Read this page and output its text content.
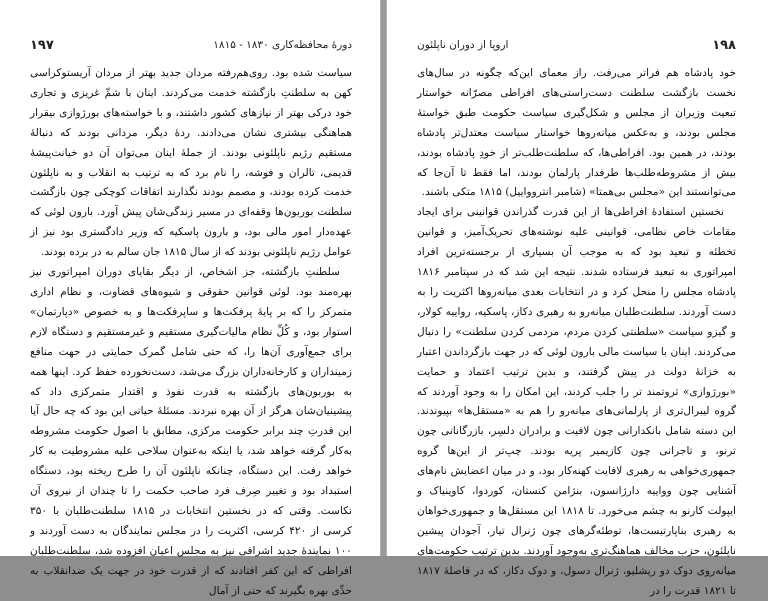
دورهٔ محافظه‌کاری ۱۸۳۰ - ۱۸۱۵
۱۹۷

سیاست شده بود. روی‌هم‌رفته مردان جدید بهتر از مردان آریستوکراسی کهن به سلطنتِ بازگشته خدمت می‌کردند. اینان با شمِّ غریزی و تجاری خود درکی بهتر از نیازهای کشور داشتند، و با خواسته‌های بورژوازی بیقرار هماهنگی بیشتری نشان می‌دادند. ردهٔ دیگر، مردانی بودند که دنبالهٔ مستقیم رژیم ناپلئونی بودند. از جملهٔ اینان می‌توان آن دو خیانت‌پیشهٔ قدیمی، تالران و فوشه، را نام برد که به ترتیب به انقلاب و به ناپلئون خدمت کرده بودند، و مصمم بودند نگذارند اتفاقات کوچکی چون بازگشت سلطنت بوربون‌ها وقفه‌ای در مسیر زندگی‌شان پیش آورد. بارون لوئی که عهده‌دار امور مالی بود، و بارون پاسکیه که وزیر دادگستری بود نیز از عوامل رژیم ناپلئونی بودند که از سال ۱۸۱۵ جان سالم به در برده بودند.

سلطنتِ بازگشته، جز اشخاص، از دیگر بقایای دوران امپراتوری نیز بهره‌مند بود. لوئی قوانین حقوقی و شیوه‌های قضاوت، و نظام اداری متمرکز را که بر پایهٔ پرفکت‌ها و ساپرفکت‌ها و به خصوص «دپارتمان» استوار بود، و کُلِّ نظام مالیات‌گیری مستقیم و غیرمستقیم و دستگاه لازم برای جمع‌آوری آن‌ها را، که حتی شامل گمرک حمایتی در جهت منافع زمینداران و کارخانه‌داران بزرگ می‌شد، دست‌نخورده حفظ کرد. اینها همه به بوربون‌های بازگشته به قدرت نفوذ و اقتدار متمرکزی داد که پیشینیان‌شان هرگز از آن بهره نبردند. مسئلهٔ حیاتی این بود که چه حال آیا این قدرتِ چند برابر حکومت مرکزی، مطابق با اصول حکومت مشروطه به‌کار گرفته خواهد شد، یا اینکه به‌عنوان سلاحی علیه مشروطیت به کار خواهد رفت. این دستگاه، چنانکه ناپلئون آن را طرح ریخته بود، دستگاه استبداد بود و تغییر صِرف فرد صاحب حکمت را تا چندان از نیروی آن نکاست. وقتی که در نخستین انتخابات در ۱۸۱۵ سلطنت‌طلبان با ۳۵۰ کرسی از ۴۲۰ کرسی، اکثریت را در مجلس نمایندگان به دست آوردند و ۱۰۰ نمایندهٔ جدید اشرافی نیز به مجلس اعیان افزوده شد، سلطنت‌طلبان افراطی که این کفر افتادند که از قدرت خود در جهت یک ضدانقلاب به حدِّی بهره بگیرند که حتی از آمال

۱۹۸
اروپا از دوران ناپلئون

خود پادشاه هم فراتر می‌رفت. راز معمای این‌که چگونه در سال‌های نخست بازگشت سلطنت دست‌راستی‌های افراطی مصرّانه خواستار تبعیت وزیران از مجلس و شکل‌گیری سیاست حکومت طبق خواستهٔ مجلس بودند، و به‌عکس میانه‌روها خواستار سیاست معتدل‌تر پادشاه بودند، در همین بود. افراطی‌ها، که سلطنت‌طلب‌تر از خودِ پادشاه بودند، بیش از مشروطه‌طلب‌ها طرفدار پارلمان بودند، اما فقط تا آن‌جا که می‌توانستند این «مجلس بی‌همتا» (شامبر انتروواییل) ۱۸۱۵ متکی باشند.

نخستین استفادهٔ افراطی‌ها از این قدرت گذراندن قوانینی برای ایجاد مقامات خاص نظامی، قوانینی علیه نوشته‌های تحریک‌آمیز، و قوانین تخطئه و تبعید بود که به موجب آن بسیاری از برجسته‌ترین افراد امپراتوری به تبعید فرستاده شدند. نتیجه این شد که در سپتامبر ۱۸۱۶ پادشاه مجلس را منحل کرد و در انتخابات بعدی میانه‌روها اکثریت را به دست آوردند. سلطنت‌طلبان میانه‌رو به رهبری دکاز، پاسکیه، رواییه کولار، و گیزو سیاست «سلطنتی کردن مردم، مردمی کردن سلطنت» را دنبال می‌کردند. اینان با سیاست مالی بارون لوئی که در جهت بازگرداندن اعتبار به خزانهٔ دولت در پیش گرفتند، و بدین ترتیب اعتماد و حمایت «بورژوازی» ثروتمند تر را جلب کردند، این امکان را به وجود آوردند که گروه لیبرال‌تری از پارلمانی‌های میانه‌رو را هم به «مستقل‌ها» بپیوندند. این دسته شامل بانکدارانی چون لافیت و برادران دلسِر، بازرگانانی چون ترنو، و تاجرانی چون کازیمیر پریه بودند. چپ‌تر از این‌ها گروه جمهوری‌خواهی به رهبری لافایت کهنه‌کار بود، و در میان اعضایش نام‌های آشنایی چون وواییه دارژانسون، بنژامن کنستان، کوردوا، کاوینیاک و ایپولت کارنو به چشم می‌خورد. تا ۱۸۱۸ این مستقل‌ها و جمهوری‌خواهان به رهبری بناپارتیست‌ها، توطئه‌گرهای چون ژنرال تیار، آجودان پیشین ناپلئون، حزب مخالف هماهنگ‌تری به‌وجود آوردند. بدین ترتیب حکومت‌های میانه‌روی دوک دو ریشلیو، ژنرال دسول، و دوک دکاز، که در فاصلهٔ ۱۸۱۷ تا ۱۸۲۱ قدرت را در
